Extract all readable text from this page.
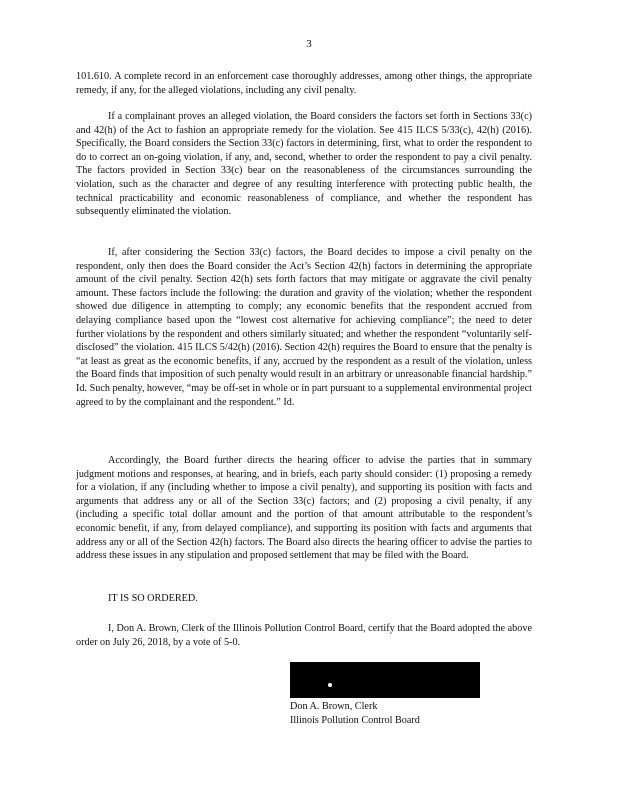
3

101.610. A complete record in an enforcement case thoroughly addresses, among other things, the appropriate remedy, if any, for the alleged violations, including any civil penalty.

If a complainant proves an alleged violation, the Board considers the factors set forth in Sections 33(c) and 42(h) of the Act to fashion an appropriate remedy for the violation. See 415 ILCS 5/33(c), 42(h) (2016). Specifically, the Board considers the Section 33(c) factors in determining, first, what to order the respondent to do to correct an on-going violation, if any, and, second, whether to order the respondent to pay a civil penalty. The factors provided in Section 33(c) bear on the reasonableness of the circumstances surrounding the violation, such as the character and degree of any resulting interference with protecting public health, the technical practicability and economic reasonableness of compliance, and whether the respondent has subsequently eliminated the violation.

If, after considering the Section 33(c) factors, the Board decides to impose a civil penalty on the respondent, only then does the Board consider the Act’s Section 42(h) factors in determining the appropriate amount of the civil penalty. Section 42(h) sets forth factors that may mitigate or aggravate the civil penalty amount. These factors include the following: the duration and gravity of the violation; whether the respondent showed due diligence in attempting to comply; any economic benefits that the respondent accrued from delaying compliance based upon the “lowest cost alternative for achieving compliance”; the need to deter further violations by the respondent and others similarly situated; and whether the respondent “voluntarily self-disclosed” the violation. 415 ILCS 5/42(h) (2016). Section 42(h) requires the Board to ensure that the penalty is “at least as great as the economic benefits, if any, accrued by the respondent as a result of the violation, unless the Board finds that imposition of such penalty would result in an arbitrary or unreasonable financial hardship.” Id. Such penalty, however, “may be off-set in whole or in part pursuant to a supplemental environmental project agreed to by the complainant and the respondent.” Id.

Accordingly, the Board further directs the hearing officer to advise the parties that in summary judgment motions and responses, at hearing, and in briefs, each party should consider: (1) proposing a remedy for a violation, if any (including whether to impose a civil penalty), and supporting its position with facts and arguments that address any or all of the Section 33(c) factors; and (2) proposing a civil penalty, if any (including a specific total dollar amount and the portion of that amount attributable to the respondent’s economic benefit, if any, from delayed compliance), and supporting its position with facts and arguments that address any or all of the Section 42(h) factors. The Board also directs the hearing officer to advise the parties to address these issues in any stipulation and proposed settlement that may be filed with the Board.

IT IS SO ORDERED.

I, Don A. Brown, Clerk of the Illinois Pollution Control Board, certify that the Board adopted the above order on July 26, 2018, by a vote of 5-0.

Don A. Brown, Clerk
Illinois Pollution Control Board
